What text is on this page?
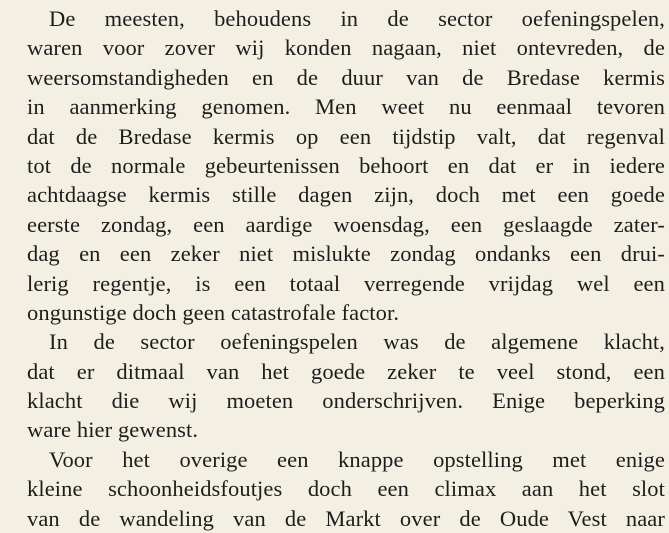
De meesten, behoudens in de sector oefeningspelen,
waren voor zover wij konden nagaan, niet ontevreden, de
weersomstandigheden en de duur van de Bredase kermis
in aanmerking genomen. Men weet nu eenmaal tevoren
dat de Bredase kermis op een tijdstip valt, dat regenval
tot de normale gebeurtenissen behoort en dat er in iedere
achtdaagse kermis stille dagen zijn, doch met een goede
eerste zondag, een aardige woensdag, een geslaagde zater-
dag en een zeker niet mislukte zondag ondanks een drui-
lerig regentje, is een totaal verregende vrijdag wel een
ongunstige doch geen catastrofale factor.
In de sector oefeningspelen was de algemene klacht,
dat er ditmaal van het goede zeker te veel stond, een
klacht die wij moeten onderschrijven. Enige beperking
ware hier gewenst.
Voor het overige een knappe opstelling met enige
kleine schoonheidsfoutjes doch een climax aan het slot
van de wandeling van de Markt over de Oude Vest naar
